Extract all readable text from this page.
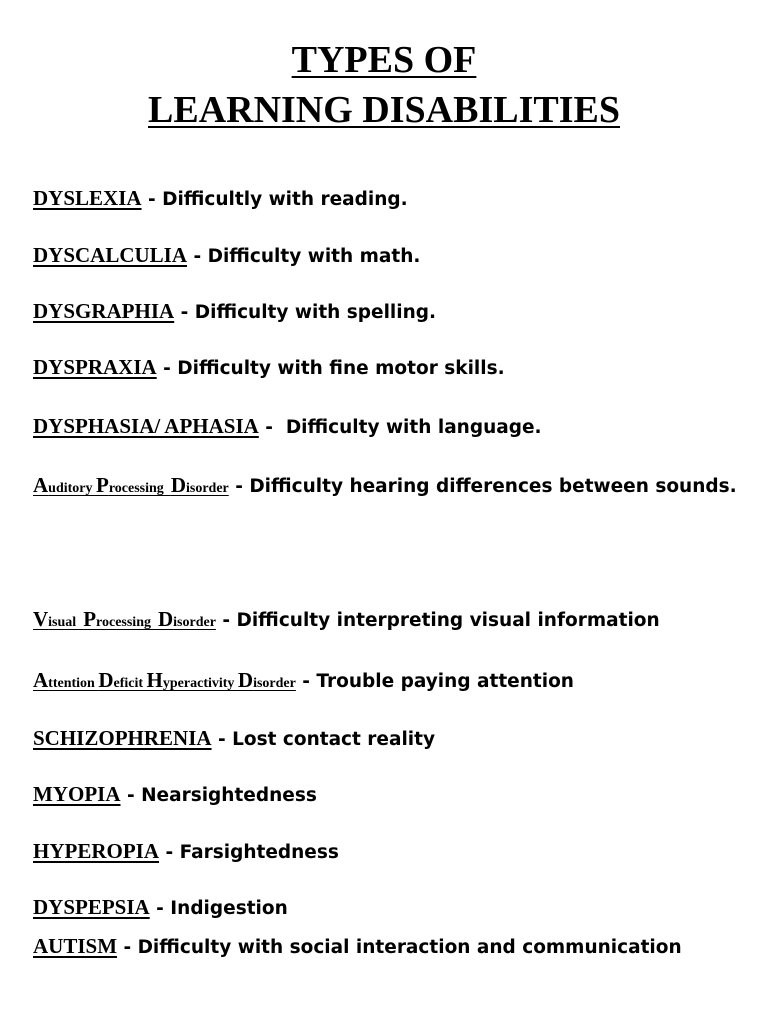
TYPES OF
LEARNING DISABILITIES

DYSLEXIA - Difficultly with reading.

DYSCALCULIA - Difficulty with math.

DYSGRAPHIA - Difficulty with spelling.

DYSPRAXIA - Difficulty with fine motor skills.

DYSPHASIA/ APHASIA -  Difficulty with language.

Auditory Processing  Disorder - Difficulty hearing differences between sounds.

Visual  Processing  Disorder - Difficulty interpreting visual information

Attention Deficit Hyperactivity Disorder - Trouble paying attention

SCHIZOPHRENIA - Lost contact reality

MYOPIA - Nearsightedness

HYPEROPIA - Farsightedness

DYSPEPSIA - Indigestion

AUTISM - Difficulty with social interaction and communication
